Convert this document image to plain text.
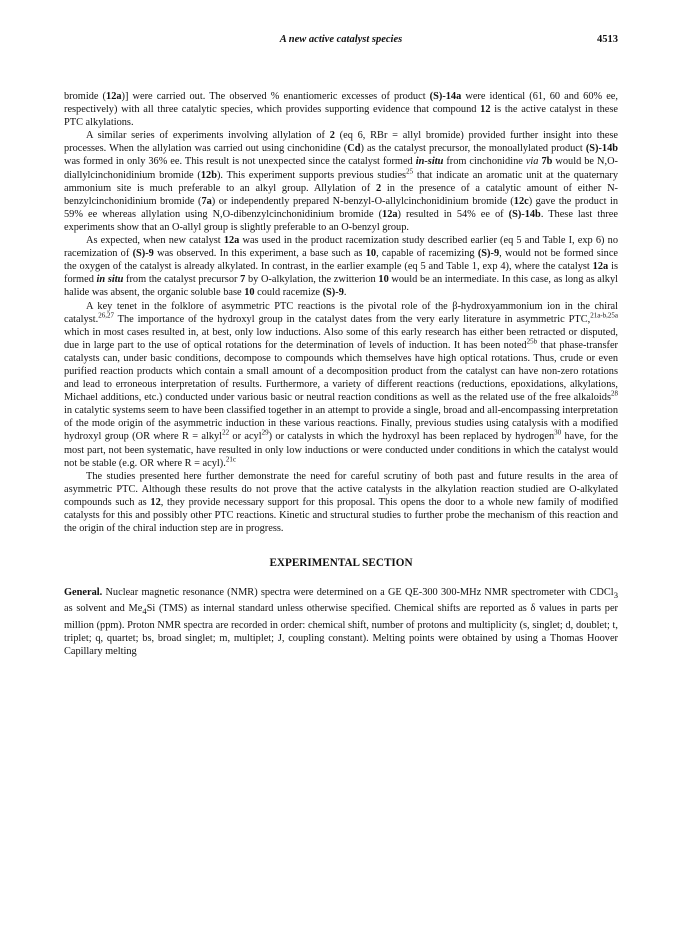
A new active catalyst species	4513

bromide (12a)] were carried out. The observed % enantiomeric excesses of product (S)-14a were identical (61, 60 and 60% ee, respectively) with all three catalytic species, which provides supporting evidence that compound 12 is the active catalyst in these PTC alkylations.

A similar series of experiments involving allylation of 2 (eq 6, RBr = allyl bromide) provided further insight into these processes. When the allylation was carried out using cinchonidine (Cd) as the catalyst precursor, the monoallylated product (S)-14b was formed in only 36% ee. This result is not unexpected since the catalyst formed in-situ from cinchonidine via 7b would be N,O-diallylcinchonidinium bromide (12b). This experiment supports previous studies$^{25}$ that indicate an aromatic unit at the quaternary ammonium site is much preferable to an alkyl group. Allylation of 2 in the presence of a catalytic amount of either N-benzylcinchonidinium bromide (7a) or independently prepared N-benzyl-O-allylcinchonidinium bromide (12c) gave the product in 59% ee whereas allylation using N,O-dibenzylcinchonidinium bromide (12a) resulted in 54% ee of (S)-14b. These last three experiments show that an O-allyl group is slightly preferable to an O-benzyl group.

As expected, when new catalyst 12a was used in the product racemization study described earlier (eq 5 and Table I, exp 6) no racemization of (S)-9 was observed. In this experiment, a base such as 10, capable of racemizing (S)-9, would not be formed since the oxygen of the catalyst is already alkylated. In contrast, in the earlier example (eq 5 and Table 1, exp 4), where the catalyst 12a is formed in situ from the catalyst precursor 7 by O-alkylation, the zwitterion 10 would be an intermediate. In this case, as long as alkyl halide was absent, the organic soluble base 10 could racemize (S)-9.

A key tenet in the folklore of asymmetric PTC reactions is the pivotal role of the β-hydroxyammonium ion in the chiral catalyst.$^{26,27}$ The importance of the hydroxyl group in the catalyst dates from the very early literature in asymmetric PTC,$^{21a-b,25a}$ which in most cases resulted in, at best, only low inductions. Also some of this early research has either been retracted or disputed, due in large part to the use of optical rotations for the determination of levels of induction. It has been noted$^{25b}$ that phase-transfer catalysts can, under basic conditions, decompose to compounds which themselves have high optical rotations. Thus, crude or even purified reaction products which contain a small amount of a decomposition product from the catalyst can have non-zero rotations and lead to erroneous interpretation of results. Furthermore, a variety of different reactions (reductions, epoxidations, alkylations, Michael additions, etc.) conducted under various basic or neutral reaction conditions as well as the related use of the free alkaloids$^{28}$ in catalytic systems seem to have been classified together in an attempt to provide a single, broad and all-encompassing interpretation of the mode origin of the asymmetric induction in these various reactions. Finally, previous studies using catalysis with a modified hydroxyl group (OR where R = alkyl$^{22}$ or acyl$^{29}$) or catalysts in which the hydroxyl has been replaced by hydrogen$^{30}$ have, for the most part, not been systematic, have resulted in only low inductions or were conducted under conditions in which the catalyst would not be stable (e.g. OR where R = acyl).$^{21c}$

The studies presented here further demonstrate the need for careful scrutiny of both past and future results in the area of asymmetric PTC. Although these results do not prove that the active catalysts in the alkylation reaction studied are O-alkylated compounds such as 12, they provide necessary support for this proposal. This opens the door to a whole new family of modified catalysts for this and possibly other PTC reactions. Kinetic and structural studies to further probe the mechanism of this reaction and the origin of the chiral induction step are in progress.

EXPERIMENTAL SECTION

General. Nuclear magnetic resonance (NMR) spectra were determined on a GE QE-300 300-MHz NMR spectrometer with CDCl$_3$ as solvent and $Me_4Si$ (TMS) as internal standard unless otherwise specified. Chemical shifts are reported as δ values in parts per million (ppm). Proton NMR spectra are recorded in order: chemical shift, number of protons and multiplicity (s, singlet; d, doublet; t, triplet; q, quartet; bs, broad singlet; m, multiplet; J, coupling constant). Melting points were obtained by using a Thomas Hoover Capillary melting
